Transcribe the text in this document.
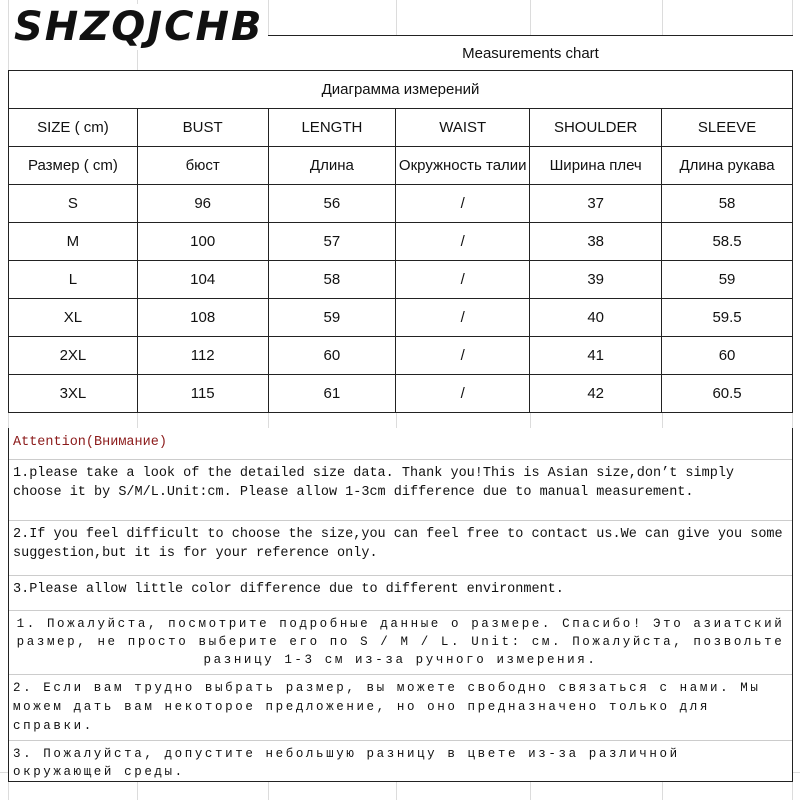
SHZQJCHB
Measurements chart
Диаграмма измерений
SIZE ( cm)	BUST	LENGTH	WAIST	SHOULDER	SLEEVE
Размер ( cm)	бюст	Длина	Окружность талии	Ширина плеч	Длина рукава
S	96	56	/	37	58
M	100	57	/	38	58.5
L	104	58	/	39	59
XL	108	59	/	40	59.5
2XL	112	60	/	41	60
3XL	115	61	/	42	60.5
Attention(Внимание)
1.please take a look of the detailed size data. Thank you!This is Asian size,don’t simply choose it by S/M/L.Unit:cm. Please allow 1-3cm difference due to manual measurement.
2.If you feel difficult to choose the size,you can feel free to contact us.We can give you some suggestion,but it is for your reference only.
3.Please allow little color difference due to different environment.
1. Пожалуйста, посмотрите подробные данные о размере. Спасибо! Это азиатский размер, не просто выберите его по S / M / L. Unit: см. Пожалуйста, позвольте разницу 1-3 см из-за ручного измерения.
2. Если вам трудно выбрать размер, вы можете свободно связаться с нами. Мы можем дать вам некоторое предложение, но оно предназначено только для справки.
3. Пожалуйста, допустите небольшую разницу в цвете из-за различной окружающей среды.
